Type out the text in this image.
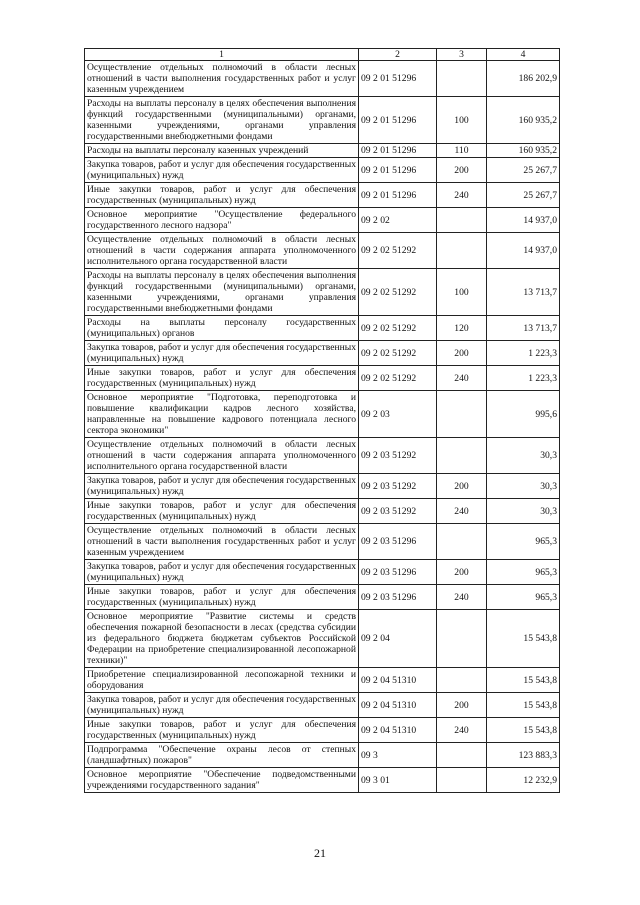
1	2	3	4
Осуществление отдельных полномочий в области лесных отношений в части выполнения государственных работ и услуг казенным учреждением	09 2 01 51296		186 202,9
Расходы на выплаты персоналу в целях обеспечения выполнения функций государственными (муниципальными) органами, казенными учреждениями, органами управления государственными внебюджетными фондами	09 2 01 51296	100	160 935,2
Расходы на выплаты персоналу казенных учреждений	09 2 01 51296	110	160 935,2
Закупка товаров, работ и услуг для обеспечения государственных (муниципальных) нужд	09 2 01 51296	200	25 267,7
Иные закупки товаров, работ и услуг для обеспечения государственных (муниципальных) нужд	09 2 01 51296	240	25 267,7
Основное мероприятие "Осуществление федерального государственного лесного надзора"	09 2 02		14 937,0
Осуществление отдельных полномочий в области лесных отношений в части содержания аппарата уполномоченного исполнительного органа государственной власти	09 2 02 51292		14 937,0
Расходы на выплаты персоналу в целях обеспечения выполнения функций государственными (муниципальными) органами, казенными учреждениями, органами управления государственными внебюджетными фондами	09 2 02 51292	100	13 713,7
Расходы на выплаты персоналу государственных (муниципальных) органов	09 2 02 51292	120	13 713,7
Закупка товаров, работ и услуг для обеспечения государственных (муниципальных) нужд	09 2 02 51292	200	1 223,3
Иные закупки товаров, работ и услуг для обеспечения государственных (муниципальных) нужд	09 2 02 51292	240	1 223,3
Основное мероприятие "Подготовка, переподготовка и повышение квалификации кадров лесного хозяйства, направленные на повышение кадрового потенциала лесного сектора экономики"	09 2 03		995,6
Осуществление отдельных полномочий в области лесных отношений в части содержания аппарата уполномоченного исполнительного органа государственной власти	09 2 03 51292		30,3
Закупка товаров, работ и услуг для обеспечения государственных (муниципальных) нужд	09 2 03 51292	200	30,3
Иные закупки товаров, работ и услуг для обеспечения государственных (муниципальных) нужд	09 2 03 51292	240	30,3
Осуществление отдельных полномочий в области лесных отношений в части выполнения государственных работ и услуг казенным учреждением	09 2 03 51296		965,3
Закупка товаров, работ и услуг для обеспечения государственных (муниципальных) нужд	09 2 03 51296	200	965,3
Иные закупки товаров, работ и услуг для обеспечения государственных (муниципальных) нужд	09 2 03 51296	240	965,3
Основное мероприятие "Развитие системы и средств обеспечения пожарной безопасности в лесах (средства субсидии из федерального бюджета бюджетам субъектов Российской Федерации на приобретение специализированной лесопожарной техники)"	09 2 04		15 543,8
Приобретение специализированной лесопожарной техники и оборудования	09 2 04 51310		15 543,8
Закупка товаров, работ и услуг для обеспечения государственных (муниципальных) нужд	09 2 04 51310	200	15 543,8
Иные закупки товаров, работ и услуг для обеспечения государственных (муниципальных) нужд	09 2 04 51310	240	15 543,8
Подпрограмма "Обеспечение охраны лесов от степных (ландшафтных) пожаров"	09 3		123 883,3
Основное мероприятие "Обеспечение подведомственными учреждениями государственного задания"	09 3 01		12 232,9
21
